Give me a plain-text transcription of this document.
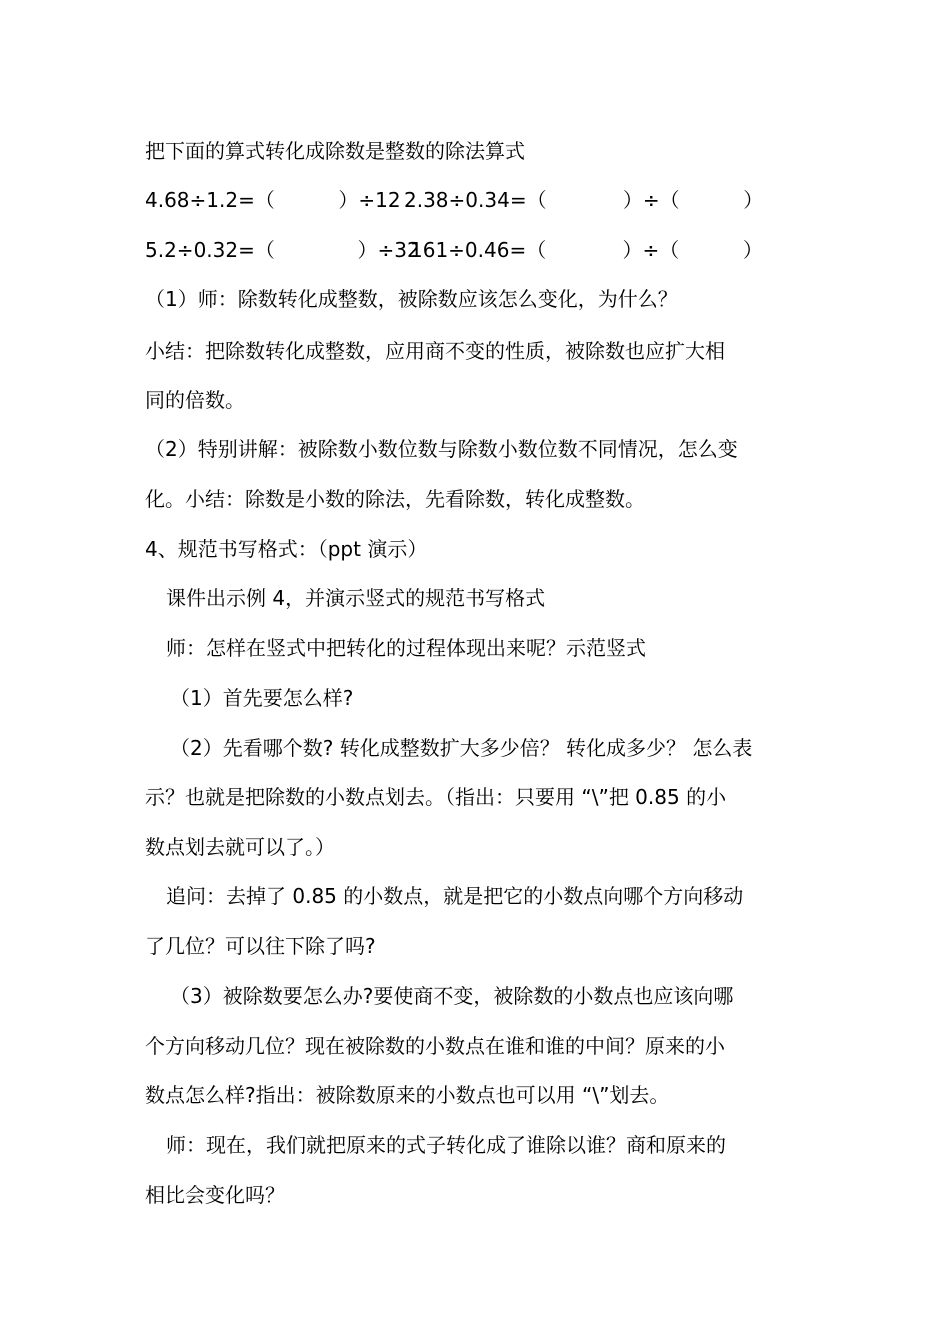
把下面的算式转化成除数是整数的除法算式

4.68÷1.2=（          ）÷12

2.38÷0.34=（            ）÷（          ）

5.2÷0.32=（             ）÷32

161÷0.46=（            ）÷（          ）

（1）师：除数转化成整数，被除数应该怎么变化，为什么？
小结：把除数转化成整数，应用商不变的性质，被除数也应扩大相
同的倍数。
（2）特别讲解：被除数小数位数与除数小数位数不同情况，怎么变
化。小结：除数是小数的除法，先看除数，转化成整数。
4、规范书写格式：（ppt 演示）
课件出示例 4，并演示竖式的规范书写格式
师：怎样在竖式中把转化的过程体现出来呢？示范竖式
（1）首先要怎么样?
（2）先看哪个数? 转化成整数扩大多少倍？ 转化成多少？ 怎么表
示？也就是把除数的小数点划去。（指出：只要用 “\”把 0.85 的小
数点划去就可以了。）
追问：去掉了 0.85 的小数点，就是把它的小数点向哪个方向移动
了几位？可以往下除了吗?
（3）被除数要怎么办?要使商不变，被除数的小数点也应该向哪
个方向移动几位？现在被除数的小数点在谁和谁的中间？原来的小
数点怎么样?指出：被除数原来的小数点也可以用 “\”划去。
师：现在，我们就把原来的式子转化成了谁除以谁？商和原来的
相比会变化吗？
